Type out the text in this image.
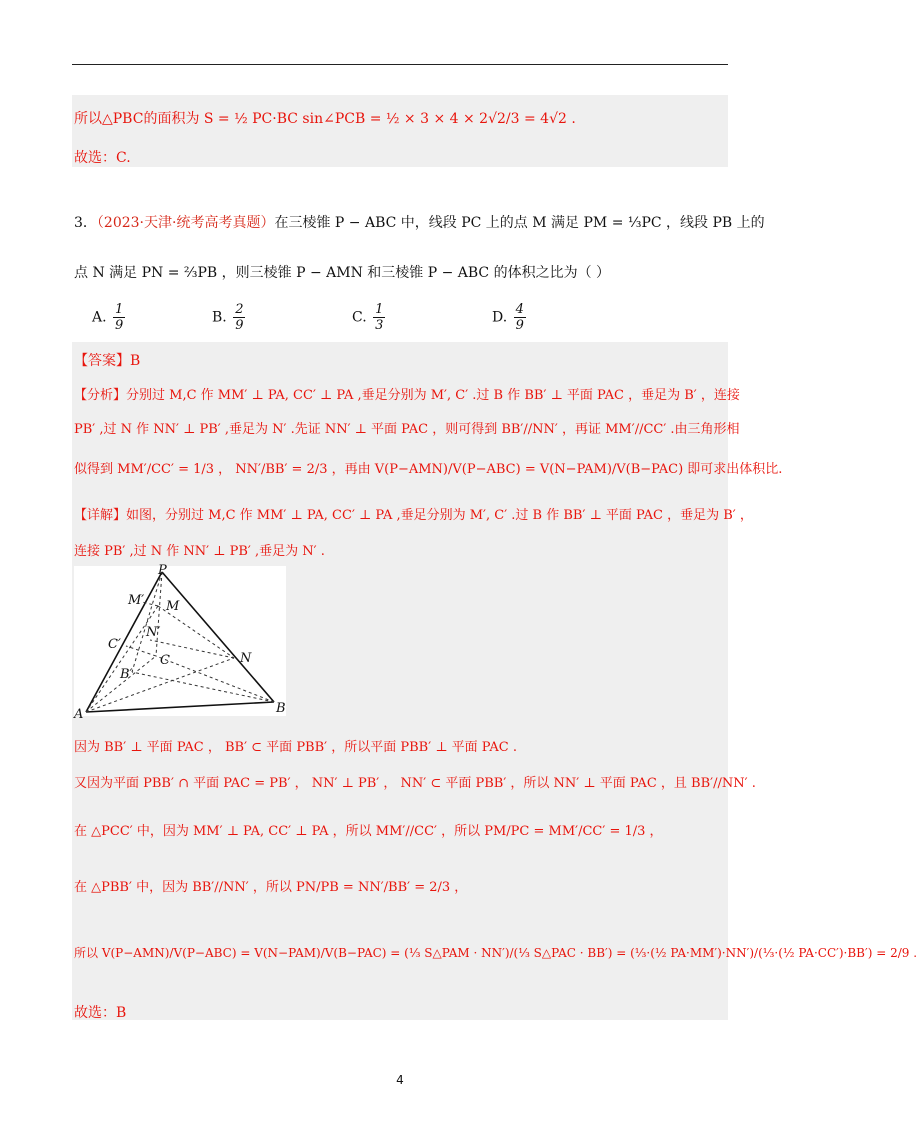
所以△PBC的面积为 S = ½ PC·BC sin∠PCB = ½ × 3 × 4 × 2√2/3 = 4√2 .
故选：C.
3．（2023·天津·统考高考真题）在三棱锥 P − ABC 中，线段 PC 上的点 M 满足 PM = ⅓PC ，线段 PB 上的
点 N 满足 PN = ⅔PB ，则三棱锥 P − AMN 和三棱锥 P − ABC 的体积之比为（ ）
A. $\frac{1}{9}$	B. $\frac{2}{9}$	C. $\frac{1}{3}$	D. $\frac{4}{9}$
【答案】B
【分析】分别过 M,C 作 MM′ ⊥ PA, CC′ ⊥ PA ,垂足分别为 M′, C′ .过 B 作 BB′ ⊥ 平面 PAC ，垂足为 B′ ，连接
PB′ ,过 N 作 NN′ ⊥ PB′ ,垂足为 N′ .先证 NN′ ⊥ 平面 PAC ，则可得到 BB′//NN′ ，再证 MM′//CC′ .由三角形相
似得到 MM′/CC′ = 1/3 ， NN′/BB′ = 2/3 ，再由 V(P−AMN)/V(P−ABC) = V(N−PAM)/V(B−PAC) 即可求出体积比.
【详解】如图，分别过 M,C 作 MM′ ⊥ PA, CC′ ⊥ PA ,垂足分别为 M′, C′ .过 B 作 BB′ ⊥ 平面 PAC ，垂足为 B′ ，
连接 PB′ ,过 N 作 NN′ ⊥ PB′ ,垂足为 N′ .
P
M′ M
N′
C′
C	N
B′
A	B
因为 BB′ ⊥ 平面 PAC ， BB′ ⊂ 平面 PBB′ ，所以平面 PBB′ ⊥ 平面 PAC .
又因为平面 PBB′ ∩ 平面 PAC = PB′ ， NN′ ⊥ PB′ ， NN′ ⊂ 平面 PBB′ ，所以 NN′ ⊥ 平面 PAC ，且 BB′//NN′ .
在 △PCC′ 中，因为 MM′ ⊥ PA, CC′ ⊥ PA ，所以 MM′//CC′ ，所以 PM/PC = MM′/CC′ = 1/3 ，
在 △PBB′ 中，因为 BB′//NN′ ，所以 PN/PB = NN′/BB′ = 2/3 ，
所以 V(P−AMN)/V(P−ABC) = V(N−PAM)/V(B−PAC) = (⅓ S△PAM · NN′)/(⅓ S△PAC · BB′) = (⅓·(½ PA·MM′)·NN′)/(⅓·(½ PA·CC′)·BB′) = 2/9 .
故选：B
4
